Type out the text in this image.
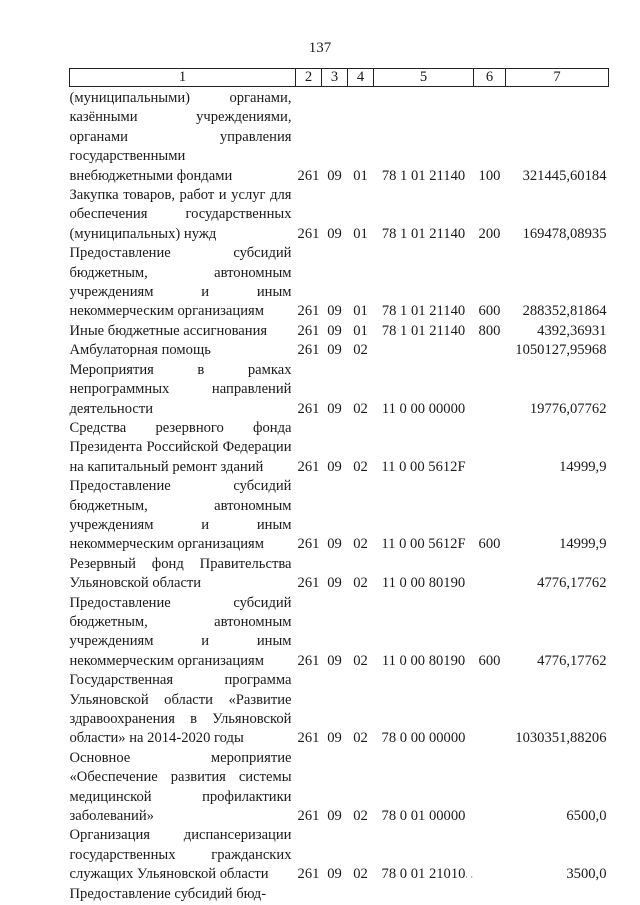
137
1	2	3	4	5	6	7
(муниципальными) органами, казёнными учреждениями, органами управления государственными внебюджетными фондами	261	09	01	78 1 01 21140	100	321445,60184
Закупка товаров, работ и услуг для обеспечения государственных (муниципальных) нужд	261	09	01	78 1 01 21140	200	169478,08935
Предоставление субсидий бюджетным, автономным учреждениям и иным некоммерческим организациям	261	09	01	78 1 01 21140	600	288352,81864
Иные бюджетные ассигнования	261	09	01	78 1 01 21140	800	4392,36931
Амбулаторная помощь	261	09	02			1050127,95968
Мероприятия в рамках непрограммных направлений деятельности	261	09	02	11 0 00 00000		19776,07762
Средства резервного фонда Президента Российской Федерации на капитальный ремонт зданий	261	09	02	11 0 00 5612F		14999,9
Предоставление субсидий бюджетным, автономным учреждениям и иным некоммерческим организациям	261	09	02	11 0 00 5612F	600	14999,9
Резервный фонд Правительства Ульяновской области	261	09	02	11 0 00 80190		4776,17762
Предоставление субсидий бюджетным, автономным учреждениям и иным некоммерческим организациям	261	09	02	11 0 00 80190	600	4776,17762
Государственная программа Ульяновской области «Развитие здравоохранения в Ульяновской области» на 2014-2020 годы	261	09	02	78 0 00 00000		1030351,88206
Основное мероприятие «Обеспечение развития системы медицинской профилактики заболеваний»	261	09	02	78 0 01 00000		6500,0
Организация диспансеризации государственных гражданских служащих Ульяновской области	261	09	02	78 0 01 21010		3500,0
Предоставление субсидий бюд-						
· ·
